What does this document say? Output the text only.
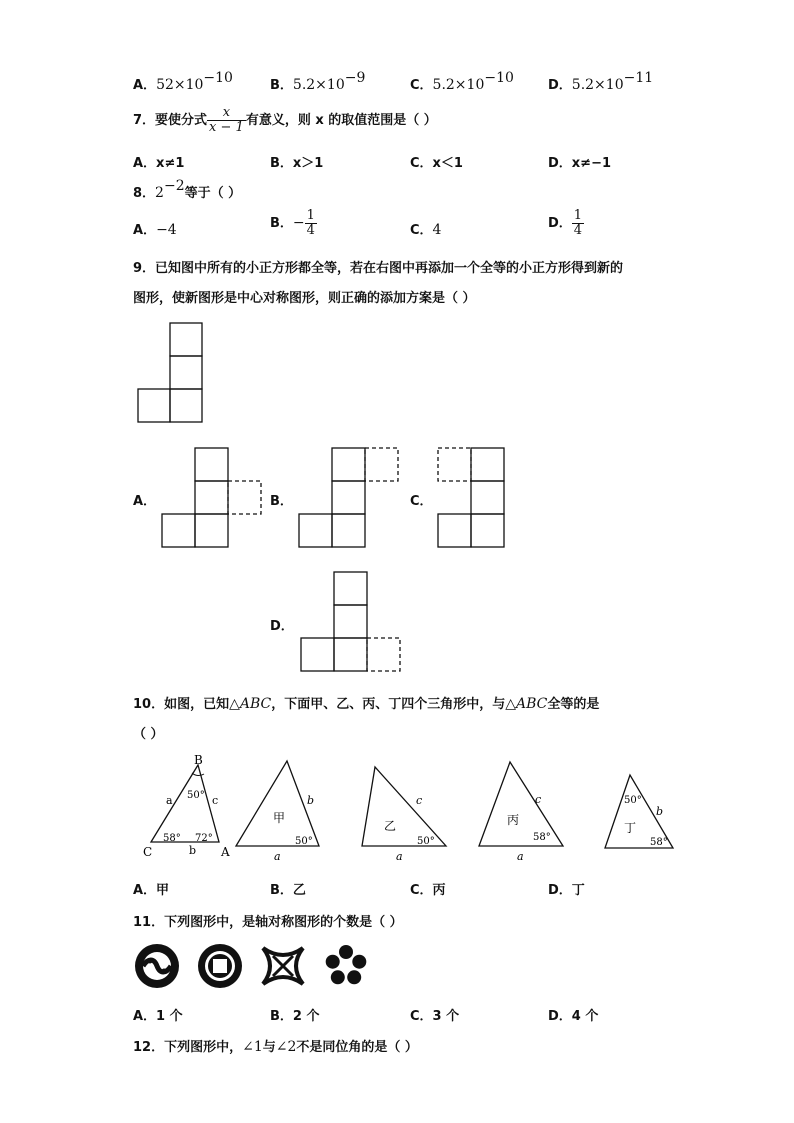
A．$52\times 10^{-10}$	B．$5.2\times 10^{-9}$	C．$5.2\times 10^{-10}$	D．$5.2\times 10^{-11}$
7．要使分式 $\frac{x}{x - 1}$ 有意义，则 x 的取值范围是（ ）
A．x≠1	B．x＞1	C．x＜1	D．x≠−1
8．$2^{-2}$等于（ ）
A．−4	B．− $\frac{1}{4}$	C．4	D． $\frac{1}{4}$
9．已知图中所有的小正方形都全等，若在右图中再添加一个全等的小正方形得到新的
图形，使新图形是中心对称图形，则正确的添加方案是（ ）
A．	B．	C．
D．
10．如图，已知△ABC，下面甲、乙、丙、丁四个三角形中，与△ABC全等的是
（ ）
B
A
C
a	c
b
50°
58° 72°
甲
b
a
50°
乙
c
a
50°
丙
c
a
58°
丁
b
50°
58°
A．甲	B．乙	C．丙	D．丁
11．下列图形中，是轴对称图形的个数是（ ）
A．1 个	B．2 个	C．3 个	D．4 个
12．下列图形中，∠1与∠2不是同位角的是（ ）
